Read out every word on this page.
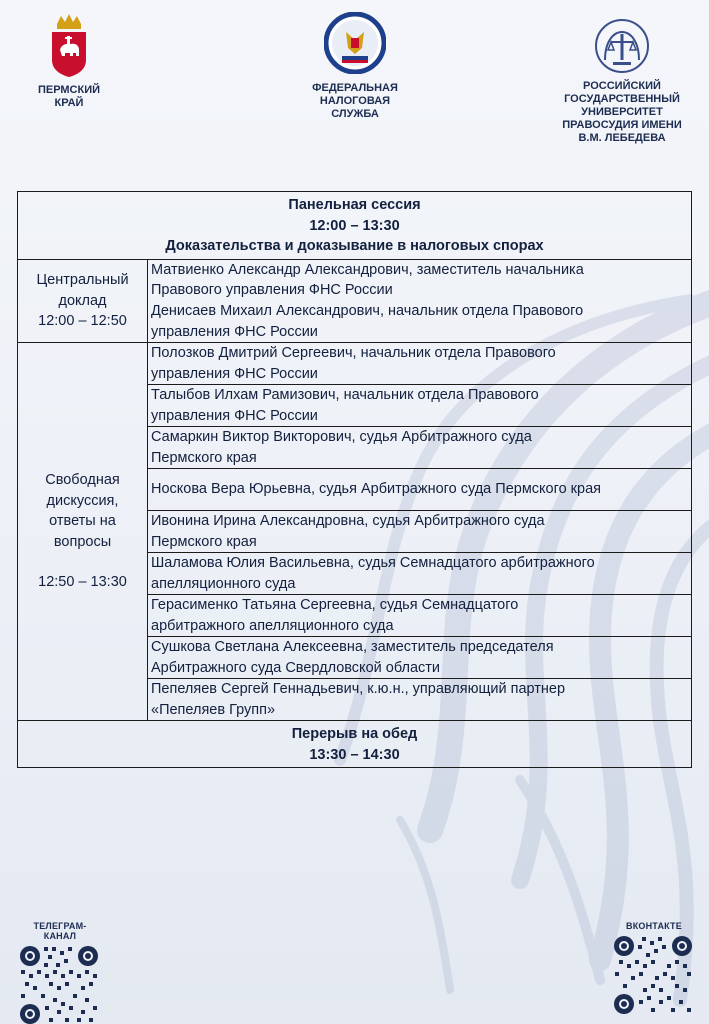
ПЕРМСКИЙ
КРАЙ
ФЕДЕРАЛЬНАЯ
НАЛОГОВАЯ
СЛУЖБА
РОССИЙСКИЙ
ГОСУДАРСТВЕННЫЙ
УНИВЕРСИТЕТ
ПРАВОСУДИЯ ИМЕНИ
В.М. ЛЕБЕДЕВА
Панельная сессия
12:00 – 13:30
Доказательства и доказывание в налоговых спорах	

Центральный
доклад
12:00 – 12:50	Матвиенко Александр Александрович, заместитель начальника
Правового управления ФНС России

	Денисаев Михаил Александрович, начальник отдела Правового
управления ФНС России

Свободная
дискуссия,
ответы на
вопросы
12:50 – 13:30	Полозков Дмитрий Сергеевич, начальник отдела Правового
управления ФНС России

	Талыбов Илхам Рамизович, начальник отдела Правового
управления ФНС России

	Самаркин Виктор Викторович, судья Арбитражного суда
Пермского края

	Носкова Вера Юрьевна, судья Арбитражного суда Пермского края

	Ивонина Ирина Александровна, судья Арбитражного суда
Пермского края

	Шаламова Юлия Васильевна, судья Семнадцатого арбитражного
апелляционного суда

	Герасименко Татьяна Сергеевна, судья Семнадцатого
арбитражного апелляционного суда

	Сушкова Светлана Алексеевна, заместитель председателя
Арбитражного суда Свердловской области

	Пепеляев Сергей Геннадьевич, к.ю.н., управляющий партнер
«Пепеляев Групп»

Перерыв на обед
13:30 – 14:30	
ТЕЛЕГРАМ-КАНАЛ
ВКОНТАКТЕ
